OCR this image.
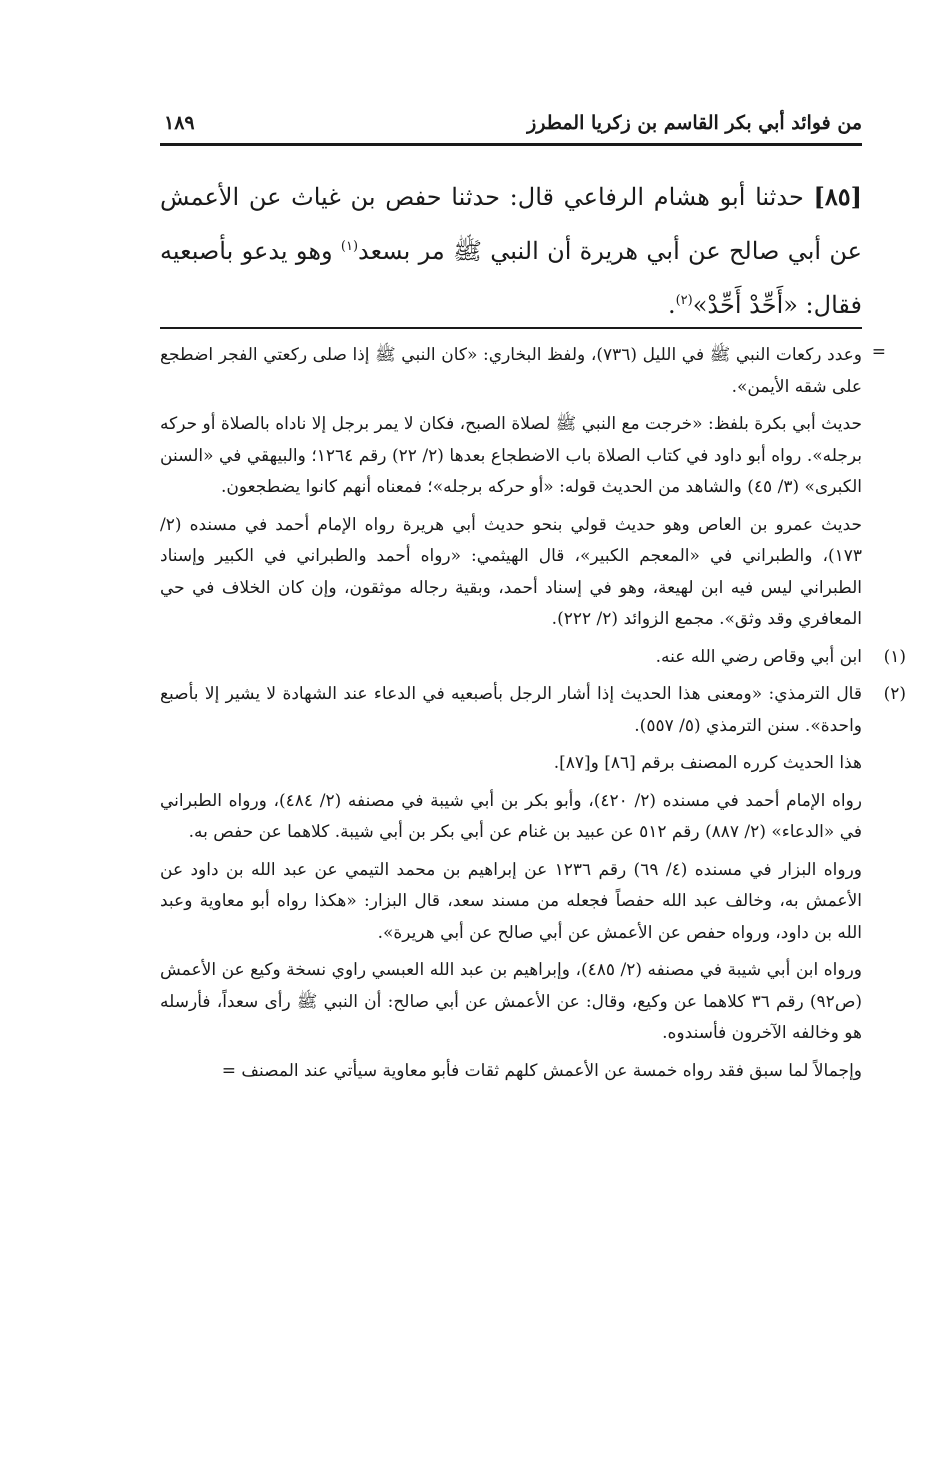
من فوائد أبي بكر القاسم بن زكريا المطرز
١٨٩

[٨٥] حدثنا أبو هشام الرفاعي قال: حدثنا حفص بن غياث عن الأعمش عن أبي صالح عن أبي هريرة أن النبي ﷺ مر بسعد$^{(١)}$ وهو يدعو بأصبعيه فقال: «أَحِّدْ أَحِّدْ»$^{(٢)}$.

=

وعدد ركعات النبي ﷺ في الليل (٧٣٦)، ولفظ البخاري: «كان النبي ﷺ إذا صلى ركعتي الفجر اضطجع على شقه الأيمن».

حديث أبي بكرة بلفظ: «خرجت مع النبي ﷺ لصلاة الصبح، فكان لا يمر برجل إلا ناداه بالصلاة أو حركه برجله». رواه أبو داود في كتاب الصلاة باب الاضطجاع بعدها (٢/ ٢٢) رقم ١٢٦٤؛ والبيهقي في «السنن الكبرى» (٣/ ٤٥) والشاهد من الحديث قوله: «أو حركه برجله»؛ فمعناه أنهم كانوا يضطجعون.

حديث عمرو بن العاص وهو حديث قولي بنحو حديث أبي هريرة رواه الإمام أحمد في مسنده (٢/ ١٧٣)، والطبراني في «المعجم الكبير»، قال الهيثمي: «رواه أحمد والطبراني في الكبير وإسناد الطبراني ليس فيه ابن لهيعة، وهو في إسناد أحمد، وبقية رجاله موثقون، وإن كان الخلاف في حي المعافري وقد وثق». مجمع الزوائد (٢/ ٢٢٢).

(١)
ابن أبي وقاص رضي الله عنه.

(٢)
قال الترمذي: «ومعنى هذا الحديث إذا أشار الرجل بأصبعيه في الدعاء عند الشهادة لا يشير إلا بأصبع واحدة». سنن الترمذي (٥/ ٥٥٧).

هذا الحديث كرره المصنف برقم [٨٦] و[٨٧].

رواه الإمام أحمد في مسنده (٢/ ٤٢٠)، وأبو بكر بن أبي شيبة في مصنفه (٢/ ٤٨٤)، ورواه الطبراني في «الدعاء» (٢/ ٨٨٧) رقم ٥١٢ عن عبيد بن غنام عن أبي بكر بن أبي شيبة. كلاهما عن حفص به.

ورواه البزار في مسنده (٤/ ٦٩) رقم ١٢٣٦ عن إبراهيم بن محمد التيمي عن عبد الله بن داود عن الأعمش به، وخالف عبد الله حفصاً فجعله من مسند سعد، قال البزار: «هكذا رواه أبو معاوية وعبد الله بن داود، ورواه حفص عن الأعمش عن أبي صالح عن أبي هريرة».

ورواه ابن أبي شيبة في مصنفه (٢/ ٤٨٥)، وإبراهيم بن عبد الله العبسي راوي نسخة وكيع عن الأعمش (ص٩٢) رقم ٣٦ كلاهما عن وكيع، وقال: عن الأعمش عن أبي صالح: أن النبي ﷺ رأى سعداً، فأرسله هو وخالفه الآخرون فأسندوه.

وإجمالاً لما سبق فقد رواه خمسة عن الأعمش كلهم ثقات فأبو معاوية سيأتي عند المصنف =
